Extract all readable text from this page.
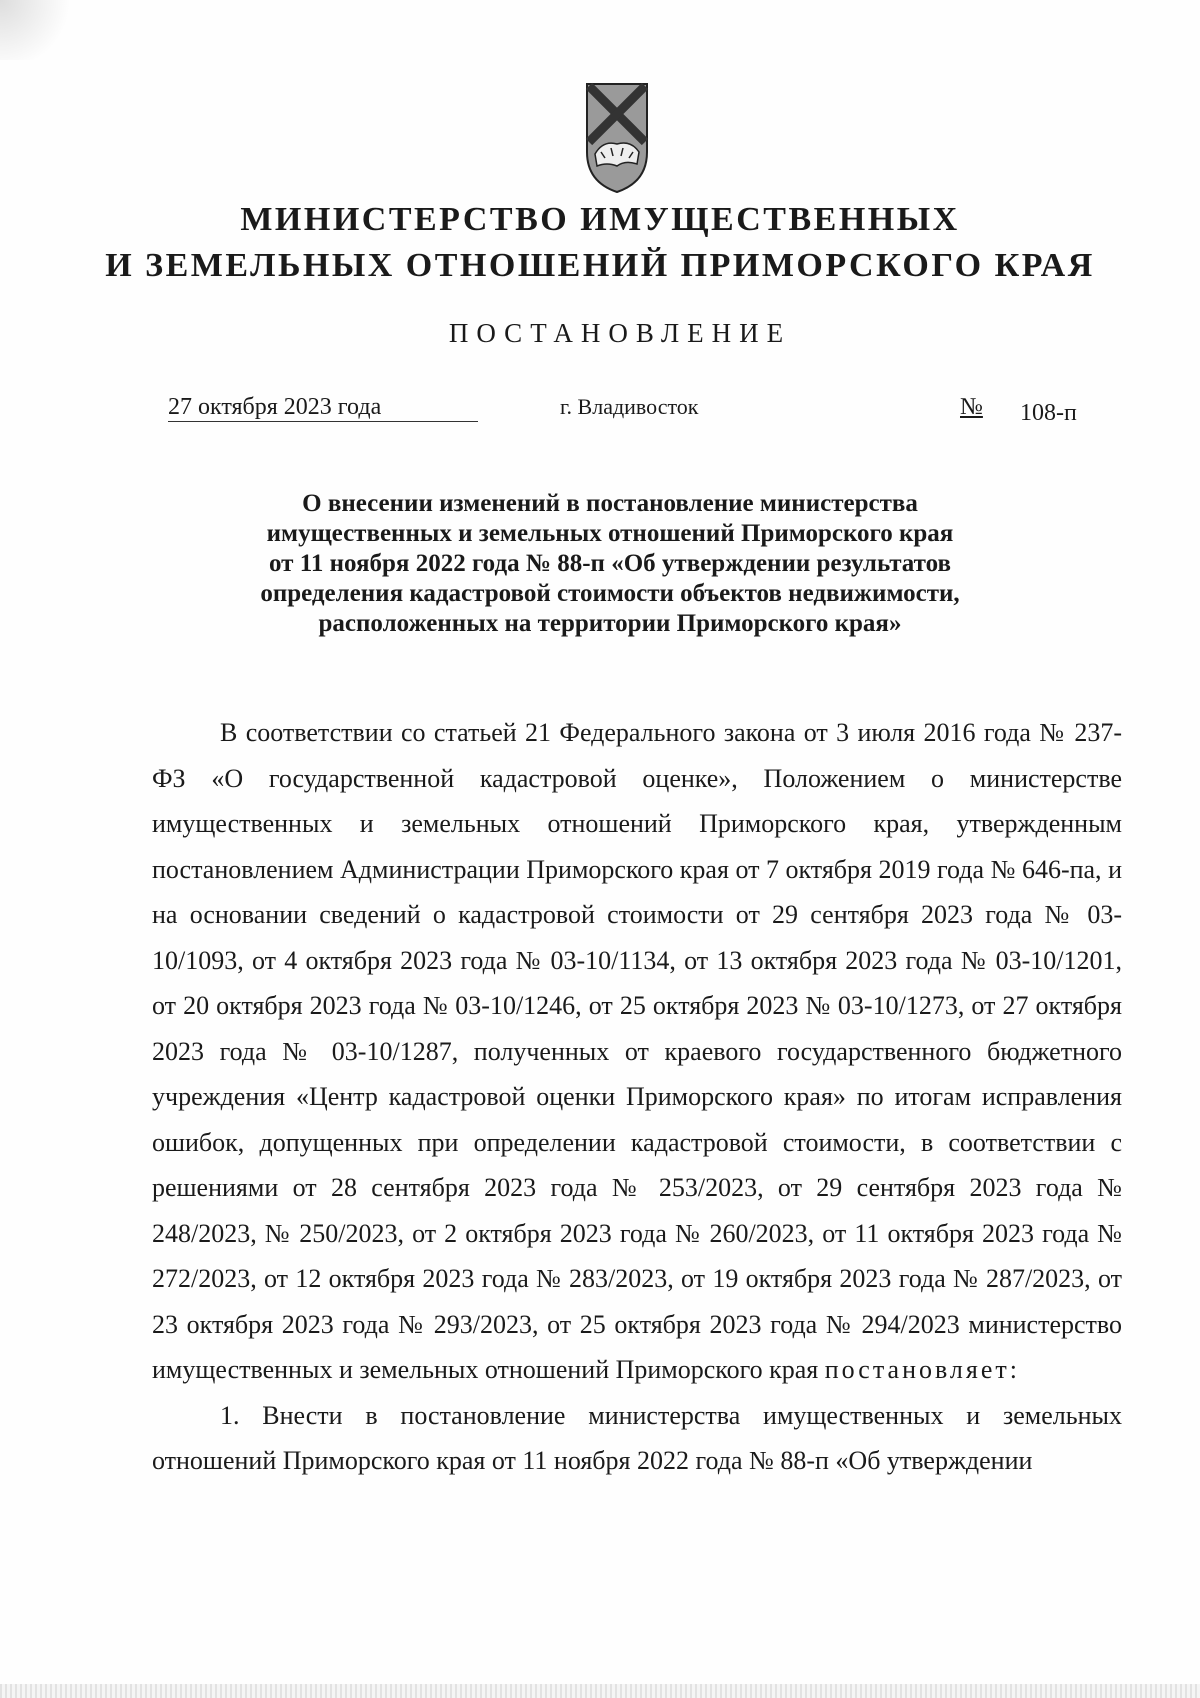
МИНИСТЕРСТВО ИМУЩЕСТВЕННЫХ
И ЗЕМЕЛЬНЫХ ОТНОШЕНИЙ ПРИМОРСКОГО КРАЯ
ПОСТАНОВЛЕНИЕ
27 октября 2023 года	г. Владивосток	№ 108-п
О внесении изменений в постановление министерства
имущественных и земельных отношений Приморского края
от 11 ноября 2022 года № 88-п «Об утверждении результатов
определения кадастровой стоимости объектов недвижимости,
расположенных на территории Приморского края»

В соответствии со статьей 21 Федерального закона от 3 июля 2016 года № 237-ФЗ «О государственной кадастровой оценке», Положением о министерстве имущественных и земельных отношений Приморского края, утвержденным постановлением Администрации Приморского края от 7 октября 2019 года № 646-па, и на основании сведений о кадастровой стоимости от 29 сентября 2023 года № 03-10/1093, от 4 октября 2023 года № 03-10/1134, от 13 октября 2023 года № 03-10/1201, от 20 октября 2023 года № 03-10/1246, от 25 октября 2023 № 03-10/1273, от 27 октября 2023 года № 03-10/1287, полученных от краевого государственного бюджетного учреждения «Центр кадастровой оценки Приморского края» по итогам исправления ошибок, допущенных при определении кадастровой стоимости, в соответствии с решениями от 28 сентября 2023 года № 253/2023, от 29 сентября 2023 года № 248/2023, № 250/2023, от 2 октября 2023 года № 260/2023, от 11 октября 2023 года № 272/2023, от 12 октября 2023 года № 283/2023, от 19 октября 2023 года № 287/2023, от 23 октября 2023 года № 293/2023, от 25 октября 2023 года № 294/2023 министерство имущественных и земельных отношений Приморского края постановляет:

1. Внести в постановление министерства имущественных и земельных отношений Приморского края от 11 ноября 2022 года № 88-п «Об утверждении
